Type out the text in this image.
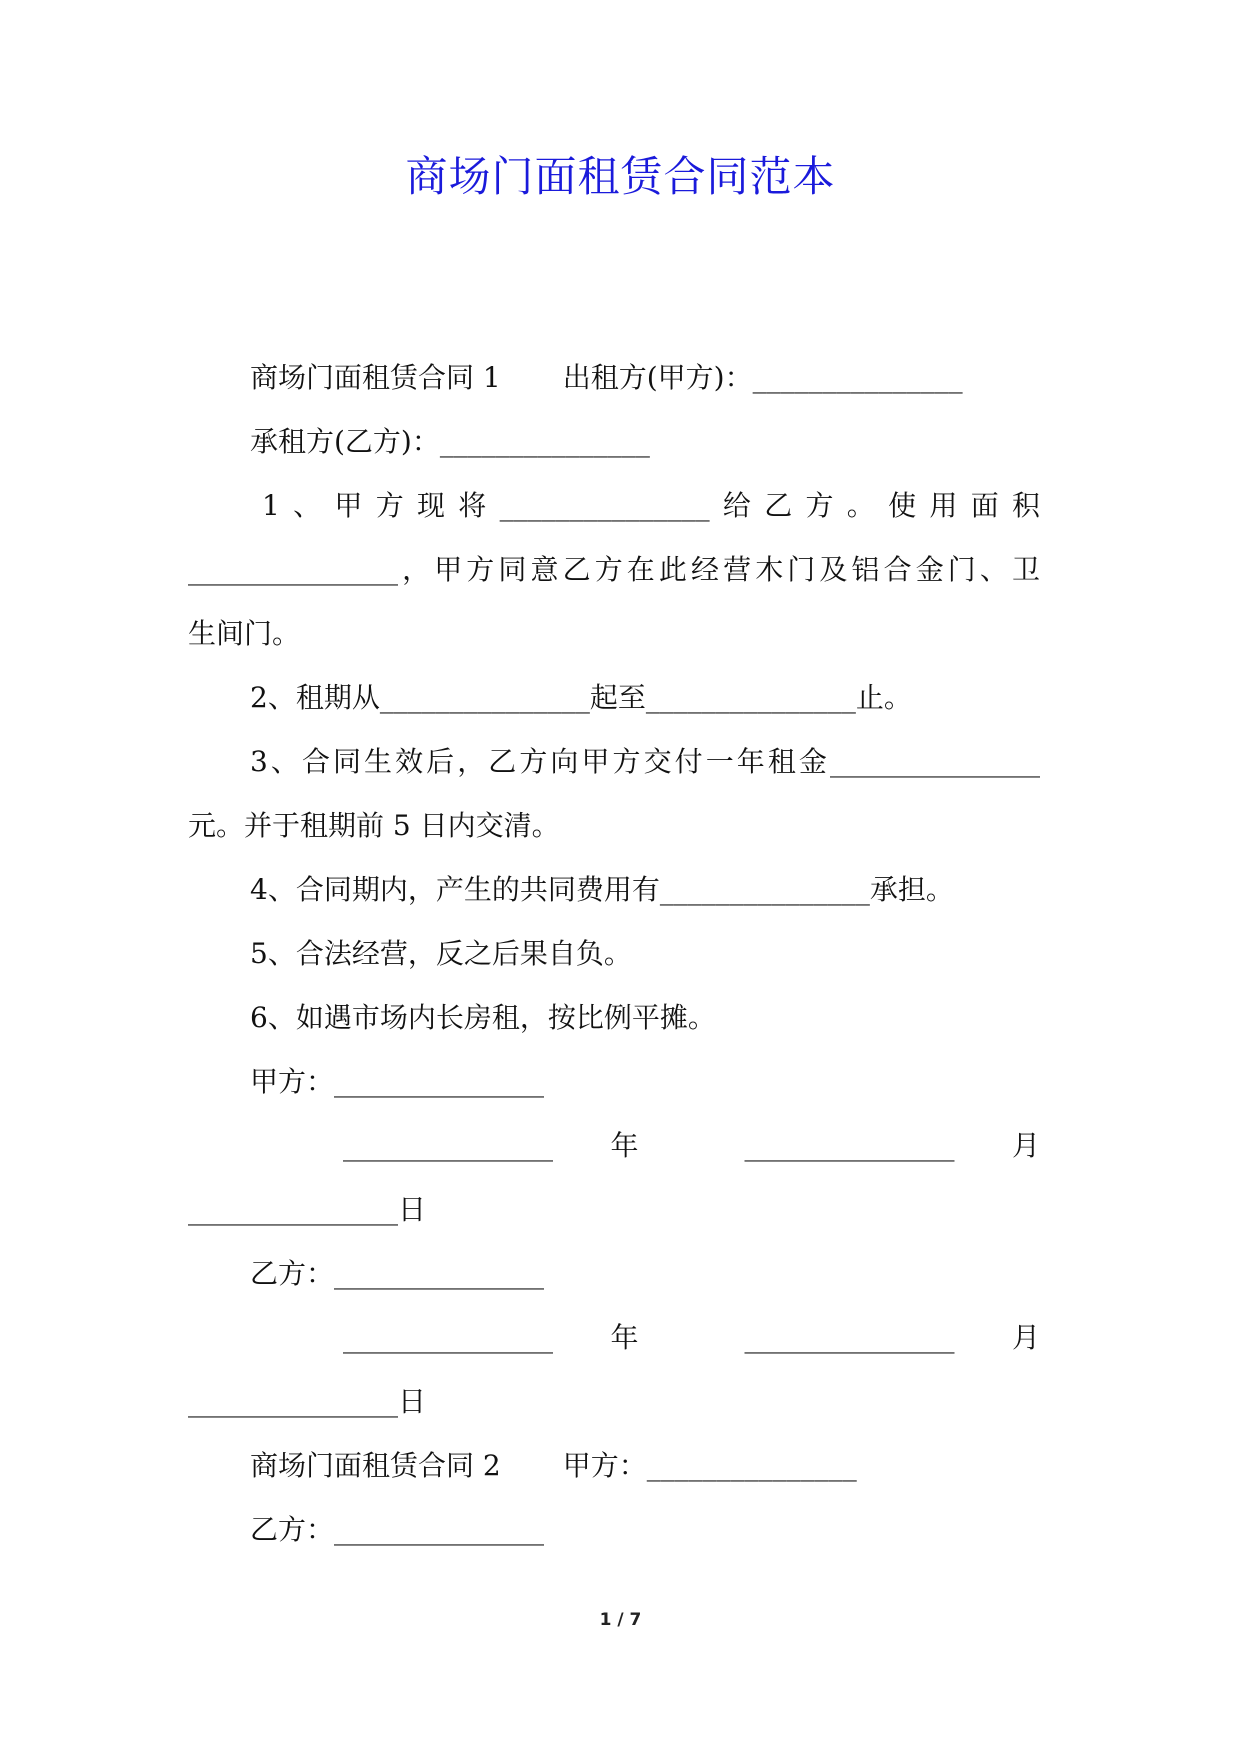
商场门面租赁合同范本
商场门面租赁合同 1 出租方(甲方)：_______________
承租方(乙方)：_______________
1、甲方现将_______________给乙方。使用面积
_______________，甲方同意乙方在此经营木门及铝合金门、卫
生间门。
2、租期从_______________起至_______________止。
3、合同生效后，乙方向甲方交付一年租金_______________
元。并于租期前 5 日内交清。
4、合同期内，产生的共同费用有_______________承担。
5、合法经营，反之后果自负。
6、如遇市场内长房租，按比例平摊。
甲方：_______________
_______________ 年 _______________ 月
_______________日
乙方：_______________
_______________ 年 _______________ 月
_______________日
商场门面租赁合同 2 甲方：_______________
乙方：_______________
1 / 7
